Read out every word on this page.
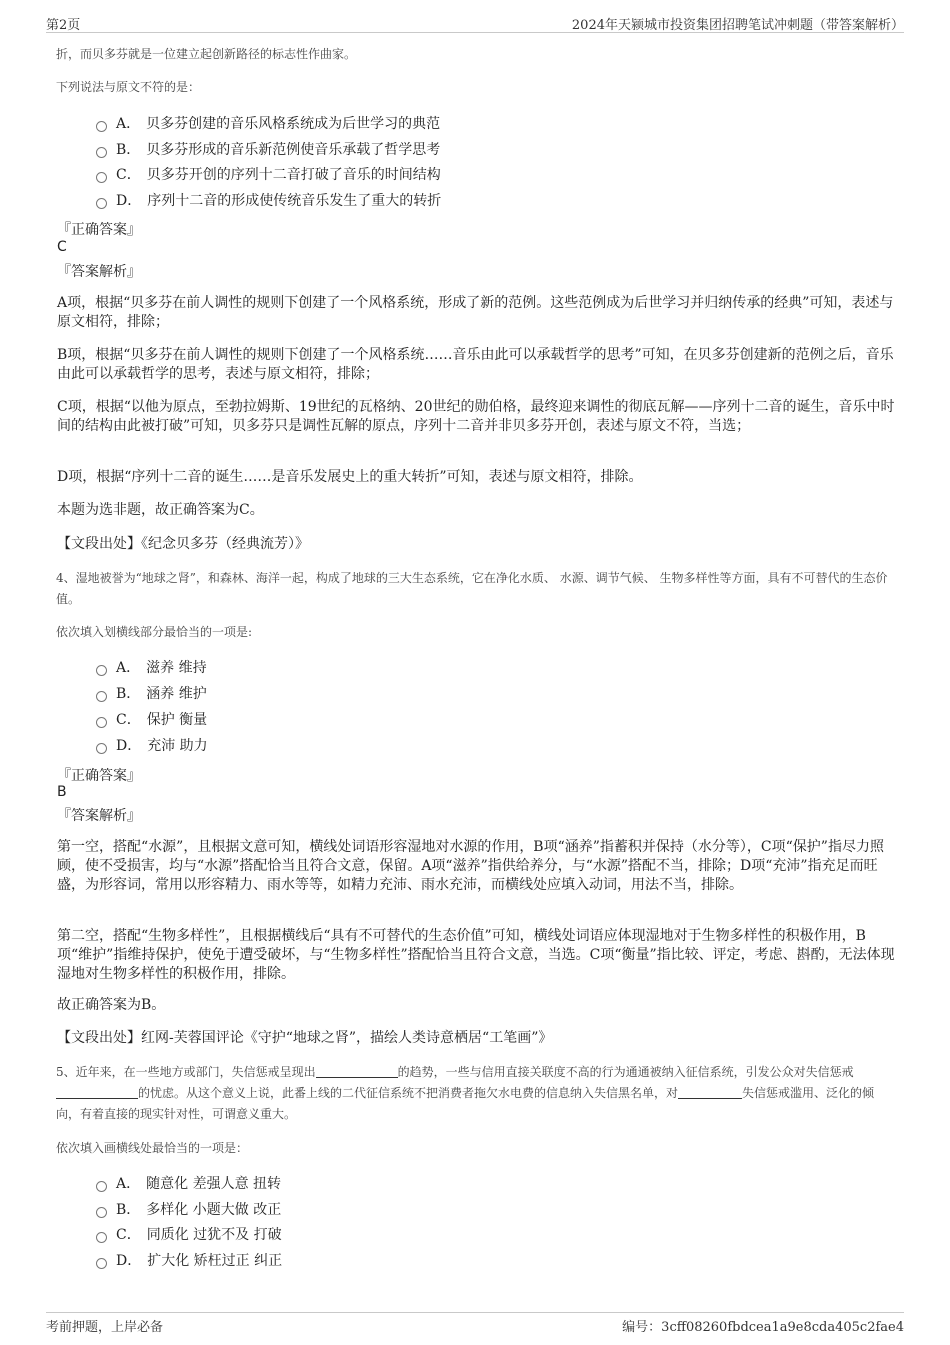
第2页	2024年天颍城市投资集团招聘笔试冲刺题（带答案解析）
折，而贝多芬就是一位建立起创新路径的标志性作曲家。
下列说法与原文不符的是：
A． 贝多芬创建的音乐风格系统成为后世学习的典范
B． 贝多芬形成的音乐新范例使音乐承载了哲学思考
C． 贝多芬开创的序列十二音打破了音乐的时间结构
D． 序列十二音的形成使传统音乐发生了重大的转折
『正确答案』
C
『答案解析』
A项，根据“贝多芬在前人调性的规则下创建了一个风格系统，形成了新的范例。这些范例成为后世学习并归纳传承的经典”可知，表述与原文相符，排除；
B项，根据“贝多芬在前人调性的规则下创建了一个风格系统……音乐由此可以承载哲学的思考”可知，在贝多芬创建新的范例之后，音乐由此可以承载哲学的思考，表述与原文相符，排除；
C项，根据“以他为原点，至勃拉姆斯、19世纪的瓦格纳、20世纪的勋伯格，最终迎来调性的彻底瓦解——序列十二音的诞生，音乐中时间的结构由此被打破”可知，贝多芬只是调性瓦解的原点，序列十二音并非贝多芬开创，表述与原文不符，当选；
D项，根据“序列十二音的诞生……是音乐发展史上的重大转折”可知，表述与原文相符，排除。
本题为选非题，故正确答案为C。
【文段出处】《纪念贝多芬（经典流芳）》
4、湿地被誉为“地球之肾”，和森林、海洋一起，构成了地球的三大生态系统，它在净化水质、 水源、调节气候、 生物多样性等方面，具有不可替代的生态价值。
依次填入划横线部分最恰当的一项是:
A． 滋养 维持
B． 涵养 维护
C． 保护 衡量
D． 充沛 助力
『正确答案』
B
『答案解析』
第一空，搭配“水源”，且根据文意可知，横线处词语形容湿地对水源的作用，B项“涵养”指蓄积并保持（水分等），C项“保护”指尽力照顾，使不受损害，均与“水源”搭配恰当且符合文意，保留。A项“滋养”指供给养分，与“水源”搭配不当，排除；D项“充沛”指充足而旺盛，为形容词，常用以形容精力、雨水等等，如精力充沛、雨水充沛，而横线处应填入动词，用法不当，排除。
第二空，搭配“生物多样性”，且根据横线后“具有不可替代的生态价值”可知，横线处词语应体现湿地对于生物多样性的积极作用，B项“维护”指维持保护，使免于遭受破坏，与“生物多样性”搭配恰当且符合文意，当选。C项“衡量”指比较、评定，考虑、斟酌，无法体现湿地对生物多样性的积极作用，排除。
故正确答案为B。
【文段出处】红网-芙蓉国评论《守护“地球之肾”，描绘人类诗意栖居“工笔画”》
5、近年来，在一些地方或部门，失信惩戒呈现出	的趋势，一些与信用直接关联度不高的行为通通被纳入征信系统，引发公众对失信惩戒的忧虑。从这个意义上说，此番上线的二代征信系统不把消费者拖欠水电费的信息纳入失信黑名单，对	失信惩戒滥用、泛化的倾向，有着直接的现实针对性，可谓意义重大。
依次填入画横线处最恰当的一项是：
A． 随意化 差强人意 扭转
B． 多样化 小题大做 改正
C． 同质化 过犹不及 打破
D． 扩大化 矫枉过正 纠正
考前押题，上岸必备	编号：3cff08260fbdcea1a9e8cda405c2fae4
